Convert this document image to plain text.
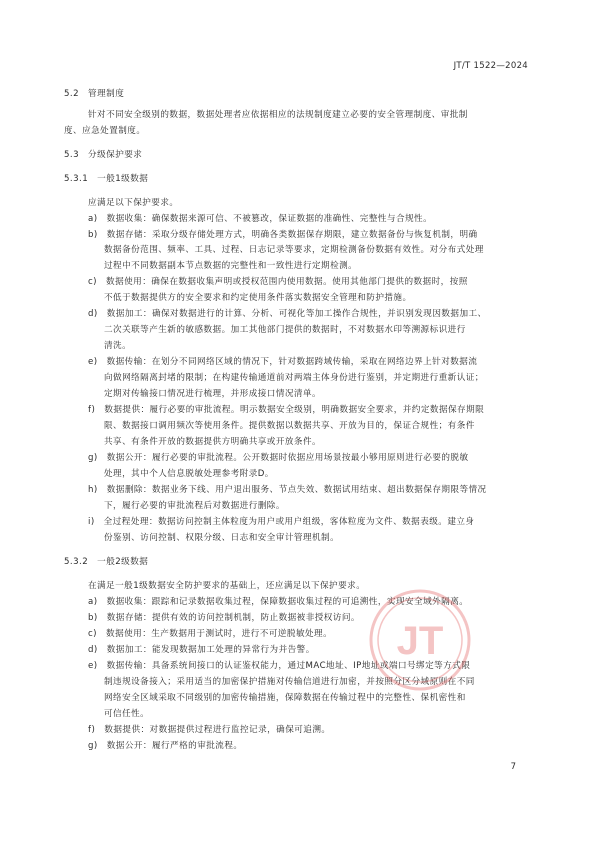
JT/T 1522—2024
5.2　管理制度
针对不同安全级别的数据，数据处理者应依据相应的法规制度建立必要的安全管理制度、审批制
度、应急处置制度。
5.3　分级保护要求
5.3.1　一般1级数据
应满足以下保护要求。
a)　数据收集：确保数据来源可信、不被篡改，保证数据的准确性、完整性与合规性。
b)　数据存储：采取分级存储处理方式，明确各类数据保存期限，建立数据备份与恢复机制，明确
数据备份范围、频率、工具、过程、日志记录等要求，定期检测备份数据有效性。对分布式处理
过程中不同数据副本节点数据的完整性和一致性进行定期检测。
c)　数据使用：确保在数据收集声明或授权范围内使用数据。使用其他部门提供的数据时，按照
不低于数据提供方的安全要求和约定使用条件落实数据安全管理和防护措施。
d)　数据加工：确保对数据进行的计算、分析、可视化等加工操作合规性，并识别发现因数据加工、
二次关联等产生新的敏感数据。加工其他部门提供的数据时，不对数据水印等溯源标识进行
清洗。
e)　数据传输：在划分不同网络区域的情况下，针对数据跨域传输，采取在网络边界上针对数据流
向做网络隔离封堵的限制；在构建传输通道前对两端主体身份进行鉴别，并定期进行重新认证；
定期对传输接口情况进行梳理，并形成接口情况清单。
f)　数据提供：履行必要的审批流程。明示数据安全级别，明确数据安全要求，并约定数据保存期限
限、数据接口调用频次等使用条件。提供数据以数据共享、开放为目的，保证合规性；有条件
共享、有条件开放的数据提供方明确共享或开放条件。
g)　数据公开：履行必要的审批流程。公开数据时依据应用场景按最小够用原则进行必要的脱敏
处理，其中个人信息脱敏处理参考附录D。
h)　数据删除：数据业务下线、用户退出服务、节点失效、数据试用结束、超出数据保存期限等情况
下，履行必要的审批流程后对数据进行删除。
i)　全过程处理：数据访问控制主体粒度为用户或用户组级，客体粒度为文件、数据表级。建立身
份鉴别、访问控制、权限分级、日志和安全审计管理机制。
5.3.2　一般2级数据
在满足一般1级数据安全防护要求的基础上，还应满足以下保护要求。
a)　数据收集：跟踪和记录数据收集过程，保障数据收集过程的可追溯性，实现安全域外隔离。
b)　数据存储：提供有效的访问控制机制，防止数据被非授权访问。
c)　数据使用：生产数据用于测试时，进行不可逆脱敏处理。
d)　数据加工：能发现数据加工处理的异常行为并告警。
e)　数据传输：具备系统间接口的认证鉴权能力，通过MAC地址、IP地址或端口号绑定等方式限
制违规设备接入；采用适当的加密保护措施对传输信道进行加密，并按照分区分域原则在不同
网络安全区域采取不同级别的加密传输措施，保障数据在传输过程中的完整性、保机密性和
可信任性。
f)　数据提供：对数据提供过程进行监控记录，确保可追溯。
g)　数据公开：履行严格的审批流程。
JT
7
